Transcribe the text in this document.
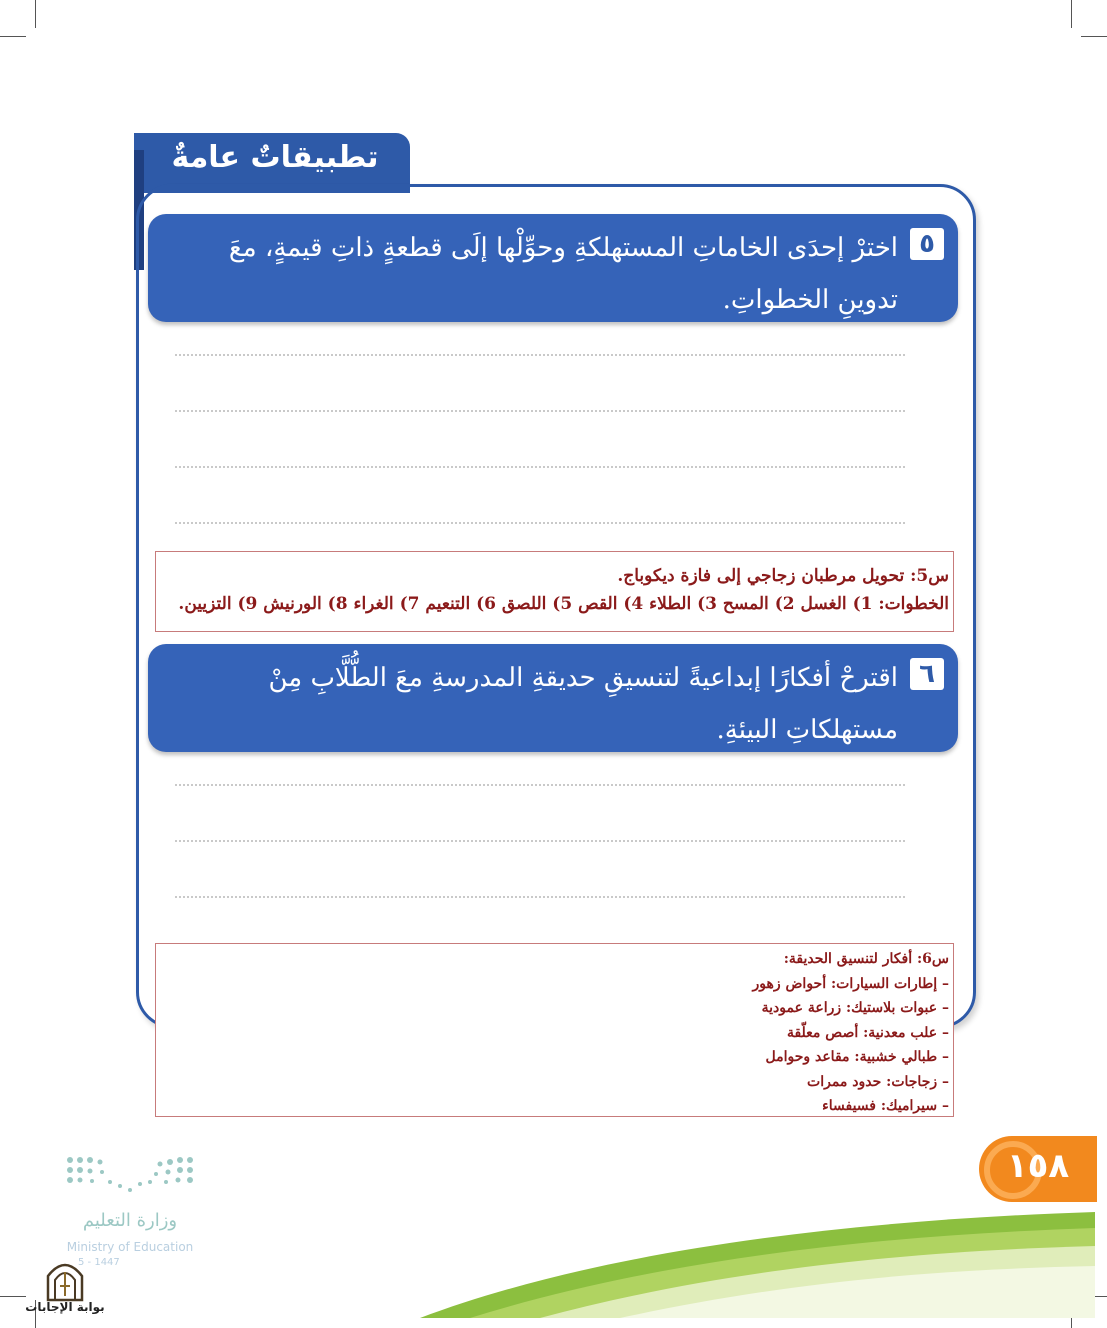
تطبيقاتٌ عامةٌ
٥
اخترْ إحدَى الخاماتِ المستهلكةِ وحوِّلْها إلَى قطعةٍ ذاتِ قيمةٍ، معَ تدوينِ الخطواتِ.
س5: تحويل مرطبان زجاجي إلى فازة ديكوباج.
الخطوات: 1) الغسل 2) المسح 3) الطلاء 4) القص 5) اللصق 6) التنعيم 7) الغراء 8) الورنيش 9) التزيين.
٦
اقترحْ أفكارًا إبداعيةً لتنسيقِ حديقةِ المدرسةِ معَ الطُّلَّابِ مِنْ مستهلكاتِ البيئةِ.
س6: أفكار لتنسيق الحديقة:
– إطارات السيارات: أحواض زهور
– عبوات بلاستيك: زراعة عمودية
– علب معدنية: أصص معلّقة
– طبالي خشبية: مقاعد وحوامل
– زجاجات: حدود ممرات
– سيراميك: فسيفساء
١٥٨
وزارة التعليم
Ministry of Education
5 - 1447
بوابة الإجابات
